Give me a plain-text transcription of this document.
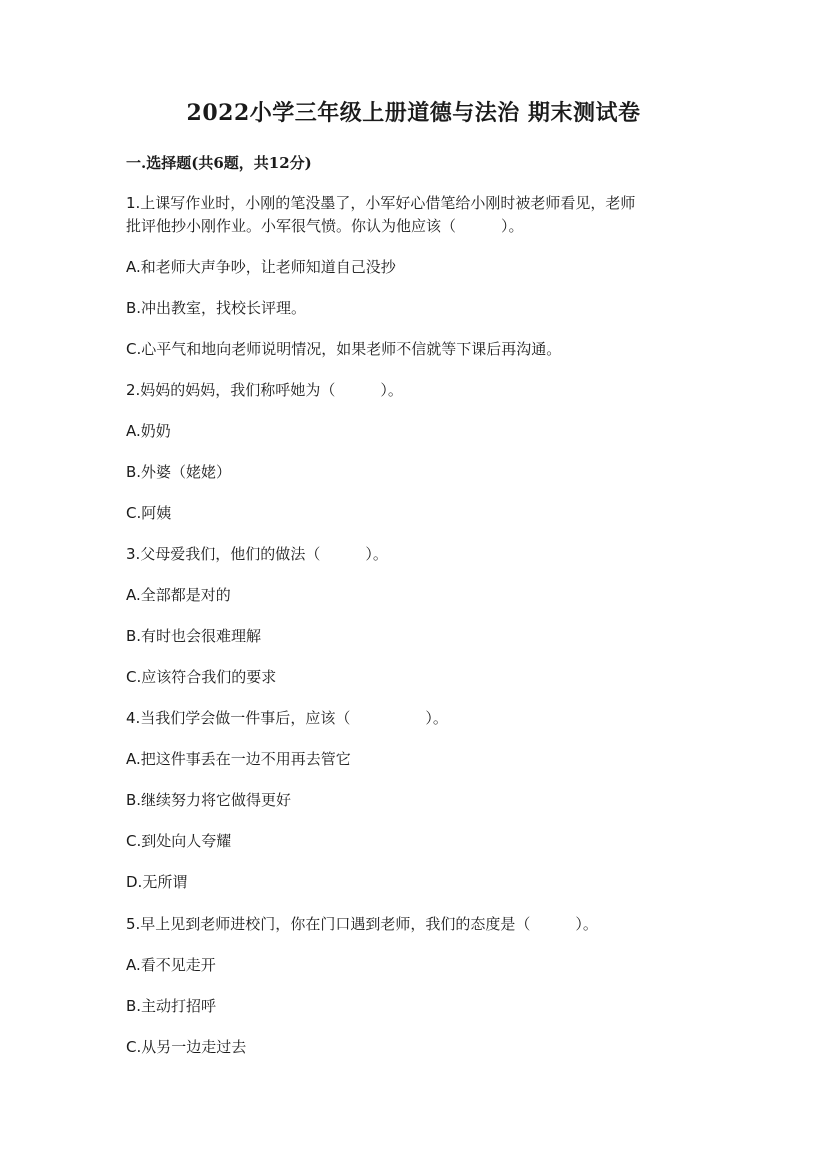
2022小学三年级上册道德与法治 期末测试卷
一.选择题(共6题，共12分)
1.上课写作业时，小刚的笔没墨了，小军好心借笔给小刚时被老师看见，老师
批评他抄小刚作业。小军很气愤。你认为他应该（　　　）。
A.和老师大声争吵，让老师知道自己没抄
B.冲出教室，找校长评理。
C.心平气和地向老师说明情况，如果老师不信就等下课后再沟通。
2.妈妈的妈妈，我们称呼她为（　　　）。
A.奶奶
B.外婆（姥姥）
C.阿姨
3.父母爱我们，他们的做法（　　　）。
A.全部都是对的
B.有时也会很难理解
C.应该符合我们的要求
4.当我们学会做一件事后，应该（　　　　　）。
A.把这件事丢在一边不用再去管它
B.继续努力将它做得更好
C.到处向人夸耀
D.无所谓
5.早上见到老师进校门，你在门口遇到老师，我们的态度是（　　　）。
A.看不见走开
B.主动打招呼
C.从另一边走过去
